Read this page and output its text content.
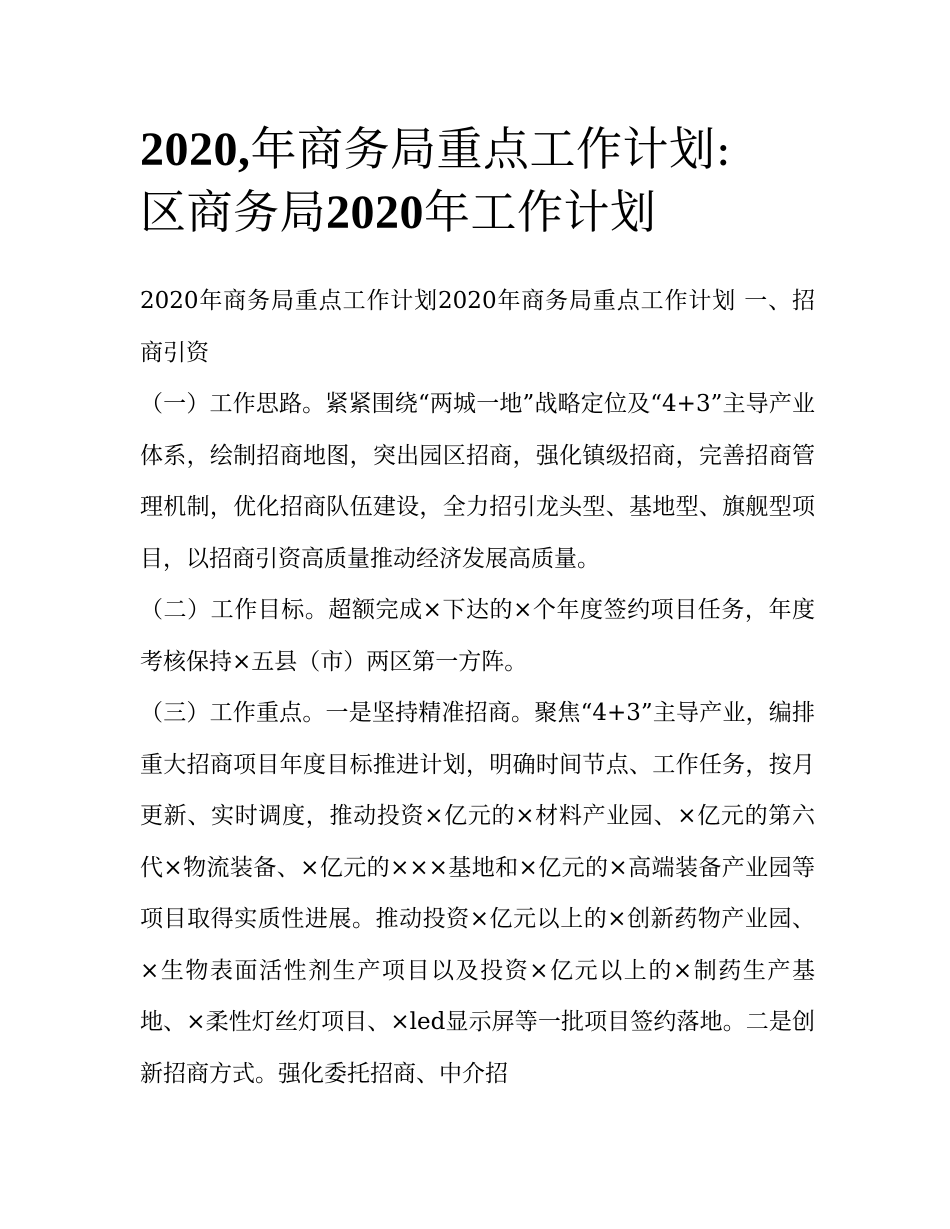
2020,年商务局重点工作计划:
区商务局2020年工作计划

2020年商务局重点工作计划2020年商务局重点工作计划 一、招商引资

（一）工作思路。紧紧围绕“两城一地”战略定位及“4+3”主导产业体系，绘制招商地图，突出园区招商，强化镇级招商，完善招商管理机制，优化招商队伍建设，全力招引龙头型、基地型、旗舰型项目，以招商引资高质量推动经济发展高质量。

（二）工作目标。超额完成×下达的×个年度签约项目任务，年度考核保持×五县（市）两区第一方阵。

（三）工作重点。一是坚持精准招商。聚焦“4+3”主导产业，编排重大招商项目年度目标推进计划，明确时间节点、工作任务，按月更新、实时调度，推动投资×亿元的×材料产业园、×亿元的第六代×物流装备、×亿元的×××基地和×亿元的×高端装备产业园等项目取得实质性进展。推动投资×亿元以上的×创新药物产业园、×生物表面活性剂生产项目以及投资×亿元以上的×制药生产基地、×柔性灯丝灯项目、×led显示屏等一批项目签约落地。二是创新招商方式。强化委托招商、中介招
